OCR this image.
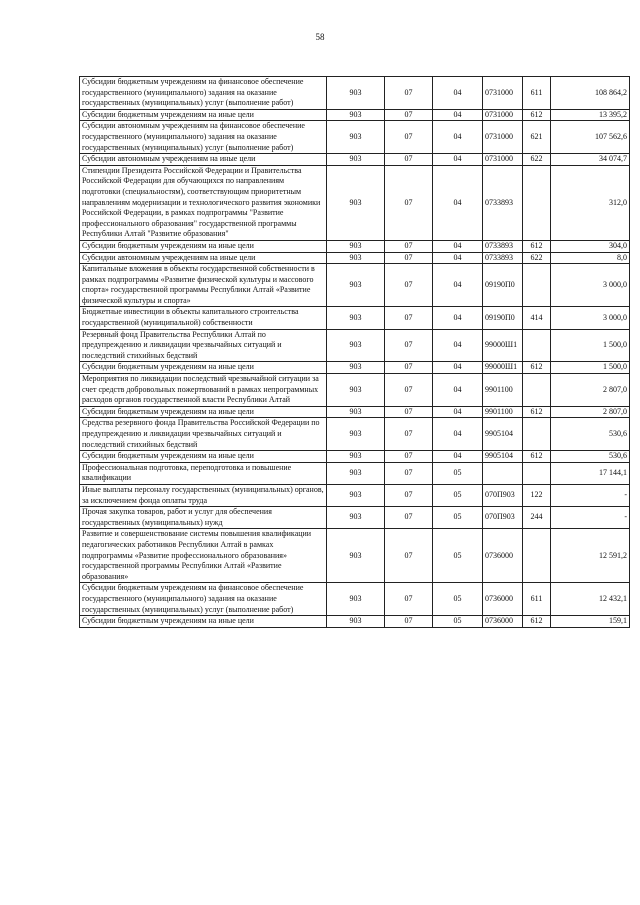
58
Субсидии бюджетным учреждениям на финансовое обеспечение государственного (муниципального) задания на оказание государственных (муниципальных) услуг (выполнение работ)	903	07	04	0731000	611	108 864,2
Субсидии бюджетным учреждениям на иные цели	903	07	04	0731000	612	13 395,2
Субсидии автономным учреждениям на финансовое обеспечение государственного (муниципального) задания на оказание государственных (муниципальных) услуг (выполнение работ)	903	07	04	0731000	621	107 562,6
Субсидии автономным учреждениям на иные цели	903	07	04	0731000	622	34 074,7
Стипендии Президента Российской Федерации и Правительства Российской Федерации для обучающихся по направлениям подготовки (специальностям), соответствующим приоритетным направлениям модернизации и технологического развития экономики Российской Федерации, в рамках подпрограммы "Развитие профессионального образования" государственной программы Республики Алтай "Развитие образования"	903	07	04	0733893		312,0
Субсидии бюджетным учреждениям на иные цели	903	07	04	0733893	612	304,0
Субсидии автономным учреждениям на иные цели	903	07	04	0733893	622	8,0
Капитальные вложения в объекты государственной собственности в рамках подпрограммы «Развитие физической культуры и массового спорта» государственной программы Республики Алтай «Развитие физической культуры и спорта»	903	07	04	09190П0		3 000,0
Бюджетные инвестиции в объекты капитального строительства государственной (муниципальной) собственности	903	07	04	09190П0	414	3 000,0
Резервный фонд Правительства Республики Алтай по предупреждению и ликвидации чрезвычайных ситуаций и последствий стихийных бедствий	903	07	04	99000Ш1		1 500,0
Субсидии бюджетным учреждениям на иные цели	903	07	04	99000Ш1	612	1 500,0
Мероприятия по ликвидации последствий чрезвычайной ситуации за счет средств добровольных пожертвований в рамках непрограммных расходов органов государственной власти Республики Алтай	903	07	04	9901100		2 807,0
Субсидии бюджетным учреждениям на иные цели	903	07	04	9901100	612	2 807,0
Средства резервного фонда Правительства Российской Федерации по предупреждению и ликвидации чрезвычайных ситуаций и последствий стихийных бедствий	903	07	04	9905104		530,6
Субсидии бюджетным учреждениям на иные цели	903	07	04	9905104	612	530,6
Профессиональная подготовка, переподготовка и повышение квалификации	903	07	05			17 144,1
Иные выплаты персоналу государственных (муниципальных) органов, за исключением фонда оплаты труда	903	07	05	070П903	122	-
Прочая закупка товаров, работ и услуг для обеспечения государственных (муниципальных) нужд	903	07	05	070П903	244	-
Развитие и совершенствование системы повышения квалификации педагогических работников Республики Алтай в рамках подпрограммы «Развитие профессионального образования» государственной программы Республики Алтай «Развитие образования»	903	07	05	0736000		12 591,2
Субсидии бюджетным учреждениям на финансовое обеспечение государственного (муниципального) задания на оказание государственных (муниципальных) услуг (выполнение работ)	903	07	05	0736000	611	12 432,1
Субсидии бюджетным учреждениям на иные цели	903	07	05	0736000	612	159,1
